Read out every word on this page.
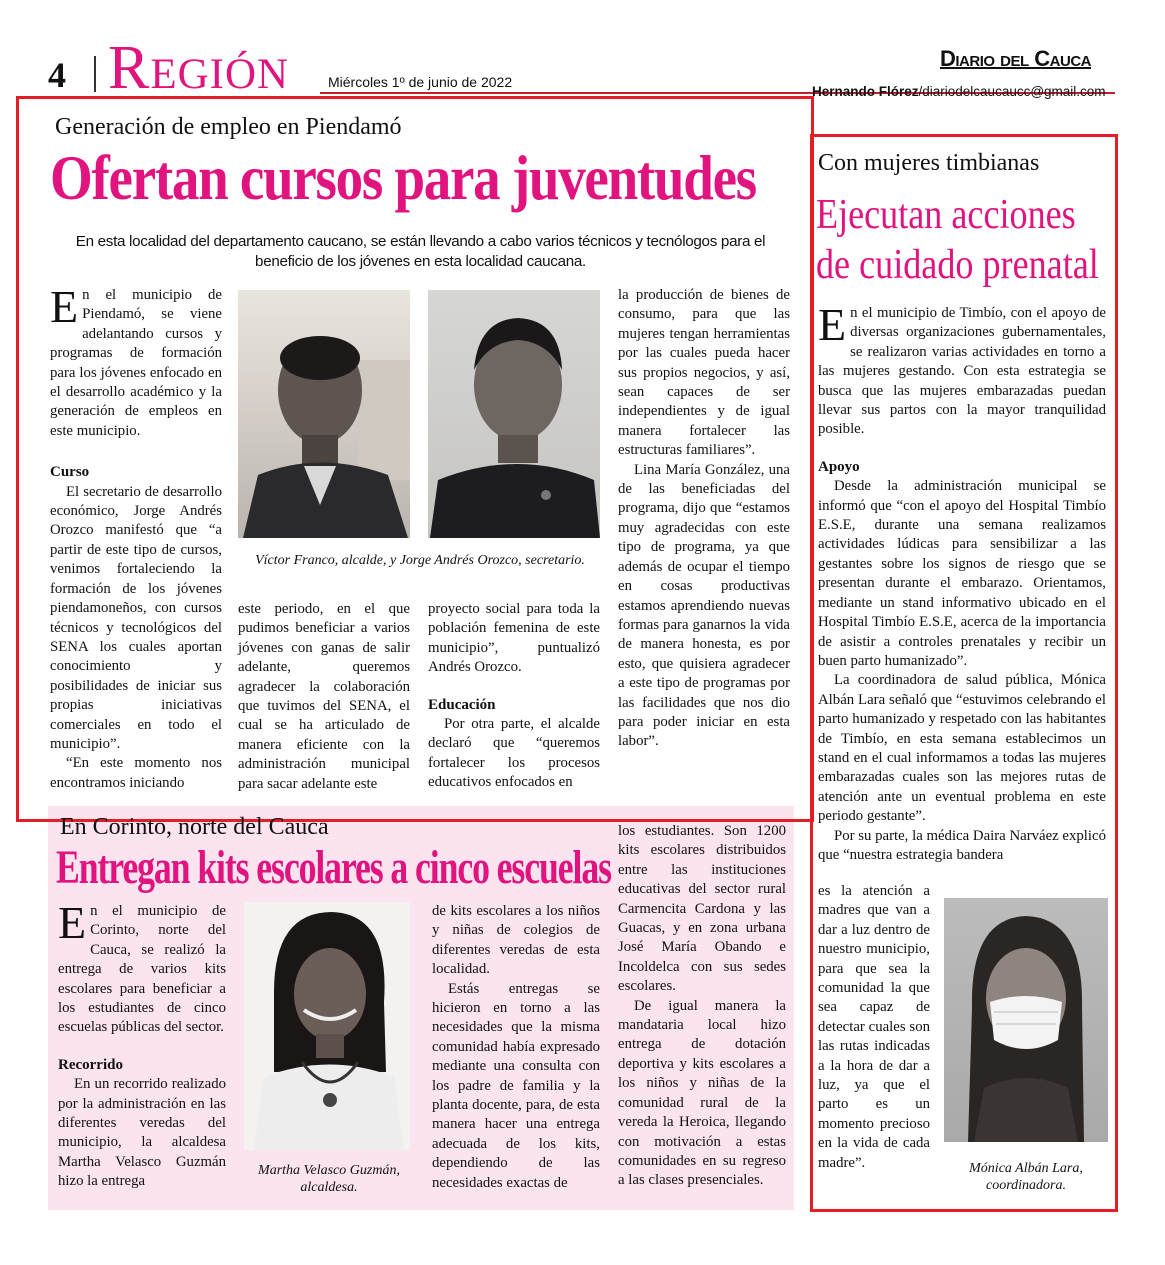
4 Región	Miércoles 1º de junio de 2022
Diario del Cauca
Hernando Flórez/diariodelcaucaucc@gmail.com
Generación de empleo en Piendamó
Ofertan cursos para juventudes
En esta localidad del departamento caucano, se están llevando a cabo varios técnicos y tecnólogos para el beneficio de los jóvenes en esta localidad caucana.

En el municipio de Piendamó, se viene adelantando cursos y programas de formación para los jóvenes enfocado en el desarrollo académico y la generación de empleos en este municipio.

Curso

El secretario de desarrollo económico, Jorge Andrés Orozco manifestó que “a partir de este tipo de cursos, venimos fortaleciendo la formación de los jóvenes piendamoneños, con cursos técnicos y tecnológicos del SENA los cuales aportan conocimiento y posibilidades de iniciar sus propias iniciativas comerciales en todo el municipio”.

“En este momento nos encontramos iniciando

Víctor Franco, alcalde, y Jorge Andrés Orozco, secretario.

este periodo, en el que pudimos beneficiar a varios jóvenes con ganas de salir adelante, queremos agradecer la colaboración que tuvimos del SENA, el cual se ha articulado de manera eficiente con la administración municipal para sacar adelante este

proyecto social para toda la población femenina de este municipio”, puntualizó Andrés Orozco.

Educación

Por otra parte, el alcalde declaró que “queremos fortalecer los procesos educativos enfocados en

la producción de bienes de consumo, para que las mujeres tengan herramientas por las cuales pueda hacer sus propios negocios, y así, sean capaces de ser independientes y de igual manera fortalecer las estructuras familiares”.

Lina María González, una de las beneficiadas del programa, dijo que “estamos muy agradecidas con este tipo de programa, ya que además de ocupar el tiempo en cosas productivas estamos aprendiendo nuevas formas para ganarnos la vida de manera honesta, es por esto, que quisiera agradecer a este tipo de programas por las facilidades que nos dio para poder iniciar en esta labor”.

En Corinto, norte del Cauca
Entregan kits escolares a cinco escuelas

En el municipio de Corinto, norte del Cauca, se realizó la entrega de varios kits escolares para beneficiar a los estudiantes de cinco escuelas públicas del sector.

Recorrido

En un recorrido realizado por la administración en las diferentes veredas del municipio, la alcaldesa Martha Velasco Guzmán hizo la entrega

Martha Velasco Guzmán, alcaldesa.

de kits escolares a los niños y niñas de colegios de diferentes veredas de esta localidad.

Estás entregas se hicieron en torno a las necesidades que la misma comunidad había expresado mediante una consulta con los padre de familia y la planta docente, para, de esta manera hacer una entrega adecuada de los kits, dependiendo de las necesidades exactas de

los estudiantes. Son 1200 kits escolares distribuidos entre las instituciones educativas del sector rural Carmencita Cardona y las Guacas, y en zona urbana José María Obando e Incoldelca con sus sedes escolares.

De igual manera la mandataria local hizo entrega de dotación deportiva y kits escolares a los niños y niñas de la comunidad rural de la vereda la Heroica, llegando con motivación a estas comunidades en su regreso a las clases presenciales.

Con mujeres timbianas
Ejecutan acciones
de cuidado prenatal

En el municipio de Timbío, con el apoyo de diversas organizaciones gubernamentales, se realizaron varias actividades en torno a las mujeres gestando. Con esta estrategia se busca que las mujeres embarazadas puedan llevar sus partos con la mayor tranquilidad posible.

Apoyo

Desde la administración municipal se informó que “con el apoyo del Hospital Timbío E.S.E, durante una semana realizamos actividades lúdicas para sensibilizar a las gestantes sobre los signos de riesgo que se presentan durante el embarazo. Orientamos, mediante un stand informativo ubicado en el Hospital Timbío E.S.E, acerca de la importancia de asistir a controles prenatales y recibir un buen parto humanizado”.

La coordinadora de salud pública, Mónica Albán Lara señaló que “estuvimos celebrando el parto humanizado y respetado con las habitantes de Timbío, en esta semana establecimos un stand en el cual informamos a todas las mujeres embarazadas cuales son las mejores rutas de atención ante un eventual problema en este periodo gestante”.

Por su parte, la médica Daira Narváez explicó que “nuestra estrategia bandera

es la atención a madres que van a dar a luz dentro de nuestro municipio, para que sea la comunidad la que sea capaz de detectar cuales son las rutas indicadas a la hora de dar a luz, ya que el parto es un momento precioso en la vida de cada madre”.	Mónica Albán Lara, coordinadora.
